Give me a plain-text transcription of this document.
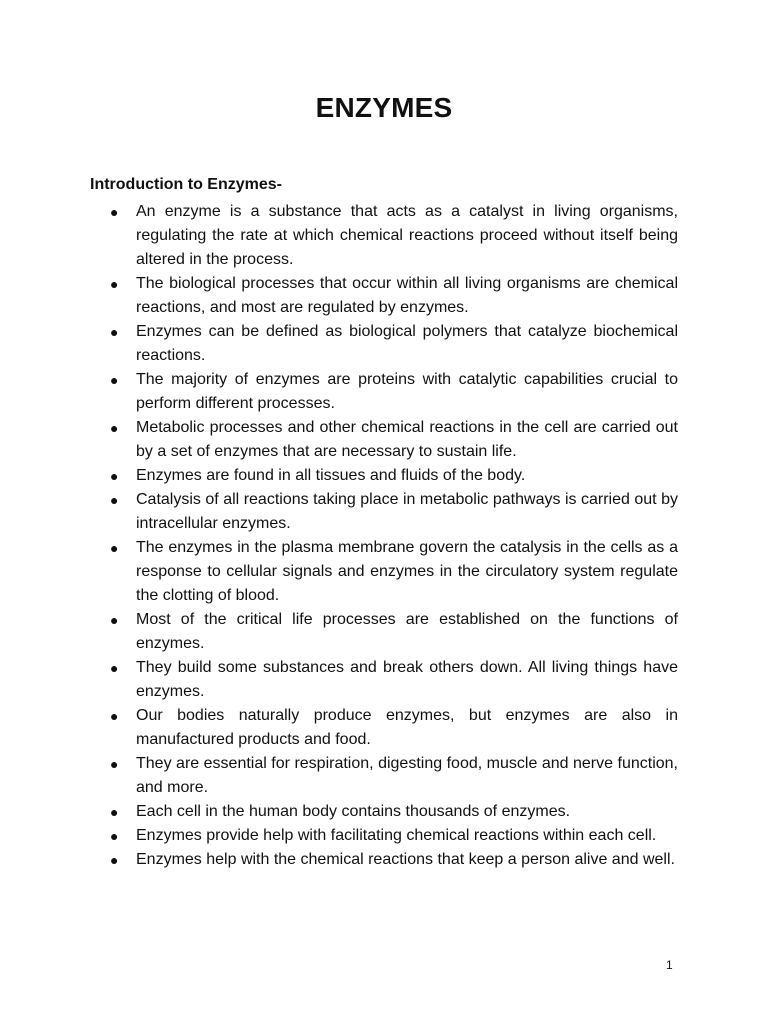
ENZYMES
Introduction to Enzymes-
● An enzyme is a substance that acts as a catalyst in living organisms, regulating the rate at which chemical reactions proceed without itself being altered in the process.
● The biological processes that occur within all living organisms are chemical reactions, and most are regulated by enzymes.
● Enzymes can be defined as biological polymers that catalyze biochemical reactions.
● The majority of enzymes are proteins with catalytic capabilities crucial to perform different processes.
● Metabolic processes and other chemical reactions in the cell are carried out by a set of enzymes that are necessary to sustain life.
● Enzymes are found in all tissues and fluids of the body.
● Catalysis of all reactions taking place in metabolic pathways is carried out by intracellular enzymes.
● The enzymes in the plasma membrane govern the catalysis in the cells as a response to cellular signals and enzymes in the circulatory system regulate the clotting of blood.
● Most of the critical life processes are established on the functions of enzymes.
● They build some substances and break others down. All living things have enzymes.
● Our bodies naturally produce enzymes, but enzymes are also in manufactured products and food.
● They are essential for respiration, digesting food, muscle and nerve function, and more.
● Each cell in the human body contains thousands of enzymes.
● Enzymes provide help with facilitating chemical reactions within each cell.
● Enzymes help with the chemical reactions that keep a person alive and well.
1
